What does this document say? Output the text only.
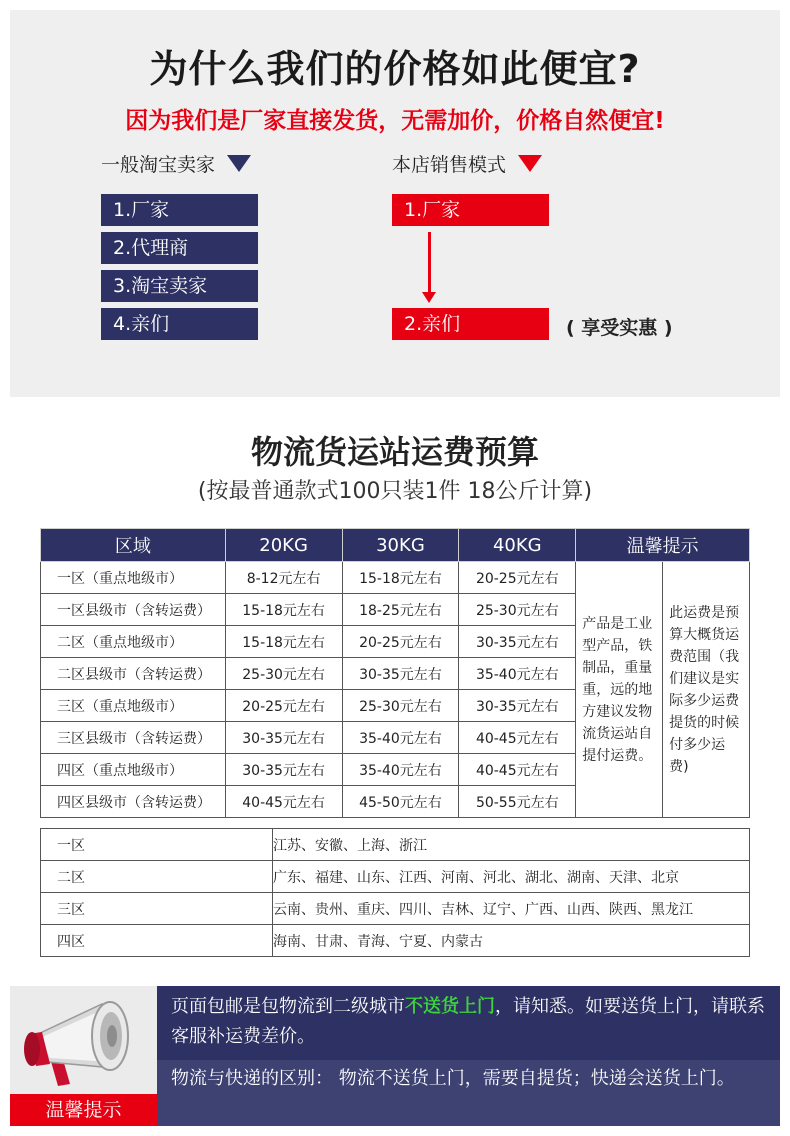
为什么我们的价格如此便宜?

因为我们是厂家直接发货，无需加价，价格自然便宜!

一般淘宝卖家	本店销售模式
1.厂家
2.代理商
3.淘宝卖家
4.亲们
1.厂家
2.亲们	( 享受实惠 )
物流货运站运费预算

(按最普通款式100只装1件 18公斤计算)

区域	20KG	30KG	40KG	温馨提示	
一区（重点地级市）	8-12元左右	15-18元左右	20-25元左右	产品是工业型产品，铁制品，重量重，远的地方建议发物流货运站自提付运费。	此运费是预算大概货运费范围（我们建议是实际多少运费提货的时候付多少运费)
一区县级市（含转运费）	15-18元左右	18-25元左右	25-30元左右		
二区（重点地级市）	15-18元左右	20-25元左右	30-35元左右		
二区县级市（含转运费）	25-30元左右	30-35元左右	35-40元左右		
三区（重点地级市）	20-25元左右	25-30元左右	30-35元左右		
三区县级市（含转运费）	30-35元左右	35-40元左右	40-45元左右		
四区（重点地级市）	30-35元左右	35-40元左右	40-45元左右		
四区县级市（含转运费）	40-45元左右	45-50元左右	50-55元左右		
一区	江苏、安徽、上海、浙江
二区	广东、福建、山东、江西、河南、河北、湖北、湖南、天津、北京
三区	云南、贵州、重庆、四川、吉林、辽宁、广西、山西、陕西、黑龙江
四区	海南、甘肃、青海、宁夏、内蒙古
温馨提示
页面包邮是包物流到二级城市不送货上门，请知悉。如要送货上门，请联系客服补运费差价。
物流与快递的区别： 物流不送货上门，需要自提货；快递会送货上门。
